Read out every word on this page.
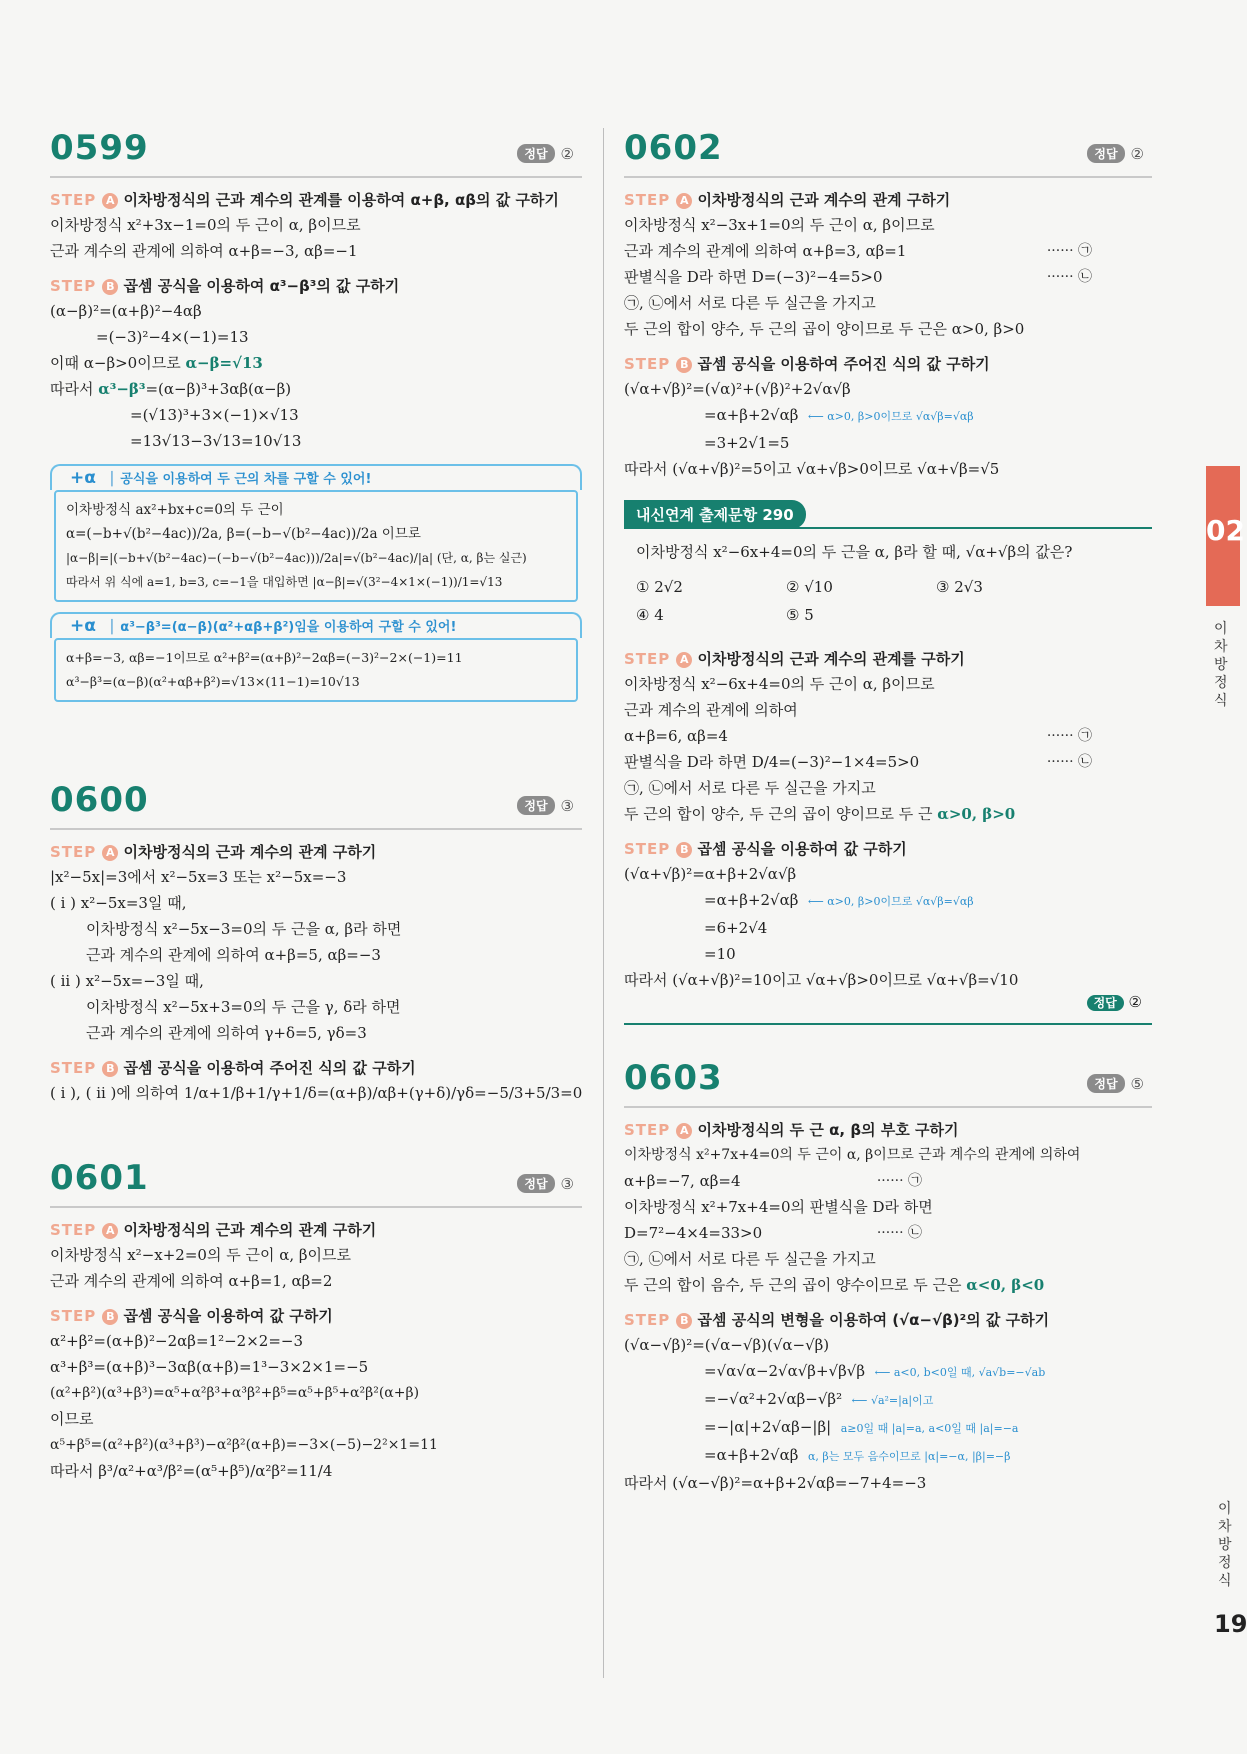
0599	정답 ②
STEP A 이차방정식의 근과 계수의 관계를 이용하여 α+β, αβ의 값 구하기
이차방정식 x²+3x−1=0의 두 근이 α, β이므로
근과 계수의 관계에 의하여 α+β=−3, αβ=−1
STEP B 곱셈 공식을 이용하여 α³−β³의 값 구하기
(α−β)²=(α+β)²−4αβ
=(−3)²−4×(−1)=13
이때 α−β>0이므로 α−β=√13
따라서 α³−β³=(α−β)³+3αβ(α−β)
=(√13)³+3×(−1)×√13
=13√13−3√13=10√13
+α │ 공식을 이용하여 두 근의 차를 구할 수 있어!
이차방정식 ax²+bx+c=0의 두 근이
α=(−b+√(b²−4ac))/2a, β=(−b−√(b²−4ac))/2a 이므로
|α−β|=|(−b+√(b²−4ac)−(−b−√(b²−4ac)))/2a|=√(b²−4ac)/|a| (단, α, β는 실근)
따라서 위 식에 a=1, b=3, c=−1을 대입하면 |α−β|=√(3²−4×1×(−1))/1=√13
+α │ α³−β³=(α−β)(α²+αβ+β²)임을 이용하여 구할 수 있어!
α+β=−3, αβ=−1이므로 α²+β²=(α+β)²−2αβ=(−3)²−2×(−1)=11
α³−β³=(α−β)(α²+αβ+β²)=√13×(11−1)=10√13
0600	정답 ③
STEP A 이차방정식의 근과 계수의 관계 구하기
|x²−5x|=3에서 x²−5x=3 또는 x²−5x=−3
( i ) x²−5x=3일 때,
이차방정식 x²−5x−3=0의 두 근을 α, β라 하면
근과 계수의 관계에 의하여 α+β=5, αβ=−3
( ii ) x²−5x=−3일 때,
이차방정식 x²−5x+3=0의 두 근을 γ, δ라 하면
근과 계수의 관계에 의하여 γ+δ=5, γδ=3
STEP B 곱셈 공식을 이용하여 주어진 식의 값 구하기
( i ), ( ii )에 의하여 1/α+1/β+1/γ+1/δ=(α+β)/αβ+(γ+δ)/γδ=−5/3+5/3=0
0601	정답 ③
STEP A 이차방정식의 근과 계수의 관계 구하기
이차방정식 x²−x+2=0의 두 근이 α, β이므로
근과 계수의 관계에 의하여 α+β=1, αβ=2
STEP B 곱셈 공식을 이용하여 값 구하기
α²+β²=(α+β)²−2αβ=1²−2×2=−3
α³+β³=(α+β)³−3αβ(α+β)=1³−3×2×1=−5
(α²+β²)(α³+β³)=α⁵+α²β³+α³β²+β⁵=α⁵+β⁵+α²β²(α+β)
이므로
α⁵+β⁵=(α²+β²)(α³+β³)−α²β²(α+β)=−3×(−5)−2²×1=11
따라서 β³/α²+α³/β²=(α⁵+β⁵)/α²β²=11/4
0602	정답 ②
STEP A 이차방정식의 근과 계수의 관계 구하기
이차방정식 x²−3x+1=0의 두 근이 α, β이므로
근과 계수의 관계에 의하여 α+β=3, αβ=1	······ ㉠
판별식을 D라 하면 D=(−3)²−4=5>0	······ ㉡
㉠, ㉡에서 서로 다른 두 실근을 가지고
두 근의 합이 양수, 두 근의 곱이 양이므로 두 근은 α>0, β>0
STEP B 곱셈 공식을 이용하여 주어진 식의 값 구하기
(√α+√β)²=(√α)²+(√β)²+2√α√β
=α+β+2√αβ ⟵ α>0, β>0이므로 √α√β=√αβ
=3+2√1=5
따라서 (√α+√β)²=5이고 √α+√β>0이므로 √α+√β=√5
내신연계 출제문항 290
이차방정식 x²−6x+4=0의 두 근을 α, β라 할 때, √α+√β의 값은?
① 2√2	② √10	③ 2√3
④ 4	⑤ 5
STEP A 이차방정식의 근과 계수의 관계를 구하기
이차방정식 x²−6x+4=0의 두 근이 α, β이므로
근과 계수의 관계에 의하여
α+β=6, αβ=4	······ ㉠
판별식을 D라 하면 D/4=(−3)²−1×4=5>0	······ ㉡
㉠, ㉡에서 서로 다른 두 실근을 가지고
두 근의 합이 양수, 두 근의 곱이 양이므로 두 근 α>0, β>0
STEP B 곱셈 공식을 이용하여 값 구하기
(√α+√β)²=α+β+2√α√β
=α+β+2√αβ ⟵ α>0, β>0이므로 √α√β=√αβ
=6+2√4
=10
따라서 (√α+√β)²=10이고 √α+√β>0이므로 √α+√β=√10
정답 ②
0603	정답 ⑤
STEP A 이차방정식의 두 근 α, β의 부호 구하기
이차방정식 x²+7x+4=0의 두 근이 α, β이므로 근과 계수의 관계에 의하여
α+β=−7, αβ=4	······ ㉠
이차방정식 x²+7x+4=0의 판별식을 D라 하면
D=7²−4×4=33>0	······ ㉡
㉠, ㉡에서 서로 다른 두 실근을 가지고
두 근의 합이 음수, 두 근의 곱이 양수이므로 두 근은 α<0, β<0
STEP B 곱셈 공식의 변형을 이용하여 (√α−√β)²의 값 구하기
(√α−√β)²=(√α−√β)(√α−√β)
=√α√α−2√α√β+√β√β ⟵ a<0, b<0일 때, √a√b=−√ab
=−√α²+2√αβ−√β² ⟵ √a²=|a|이고
=−|α|+2√αβ−|β| a≥0일 때 |a|=a, a<0일 때 |a|=−a
=α+β+2√αβ α, β는 모두 음수이므로 |α|=−α, |β|=−β
따라서 (√α−√β)²=α+β+2√αβ=−7+4=−3
02
이차방정식
이차방정식
19
